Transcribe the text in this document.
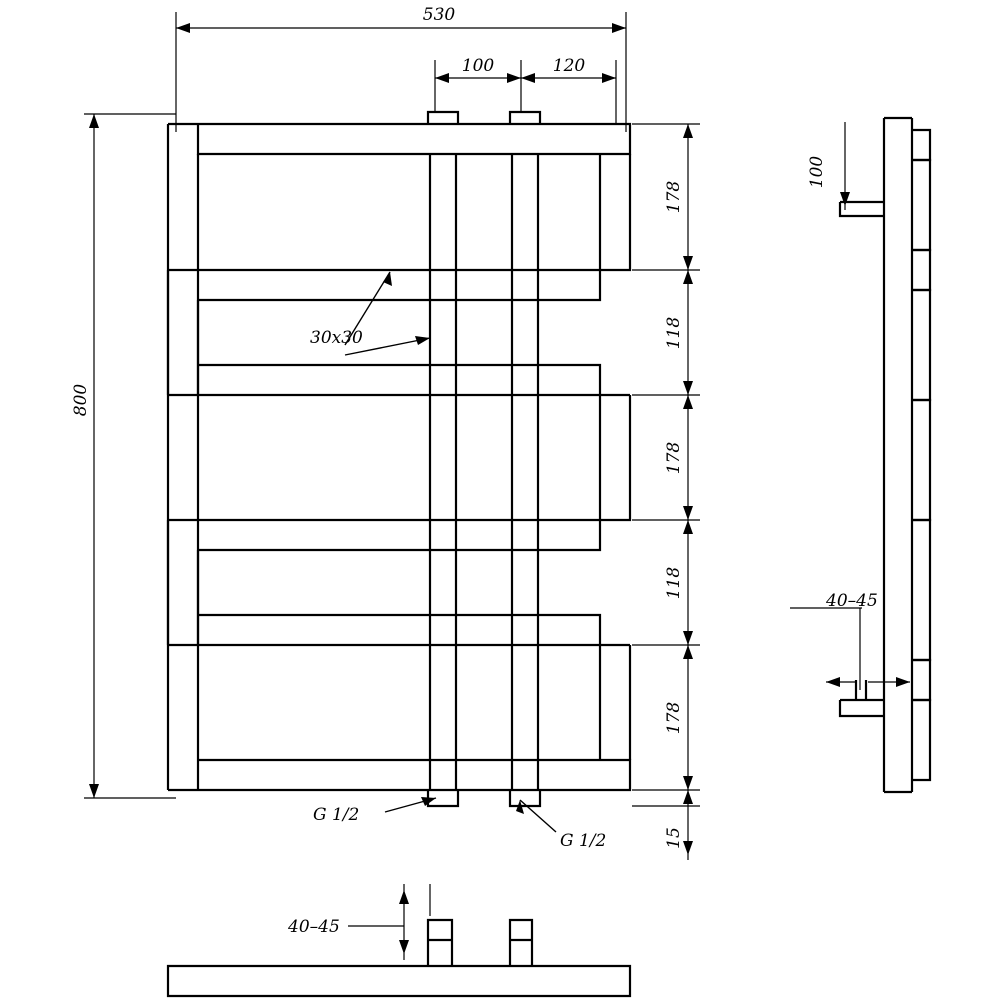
530
100	120
800
178
118
178
118
178
15
30x30
G 1/2
G 1/2
100
40–45
40–45
